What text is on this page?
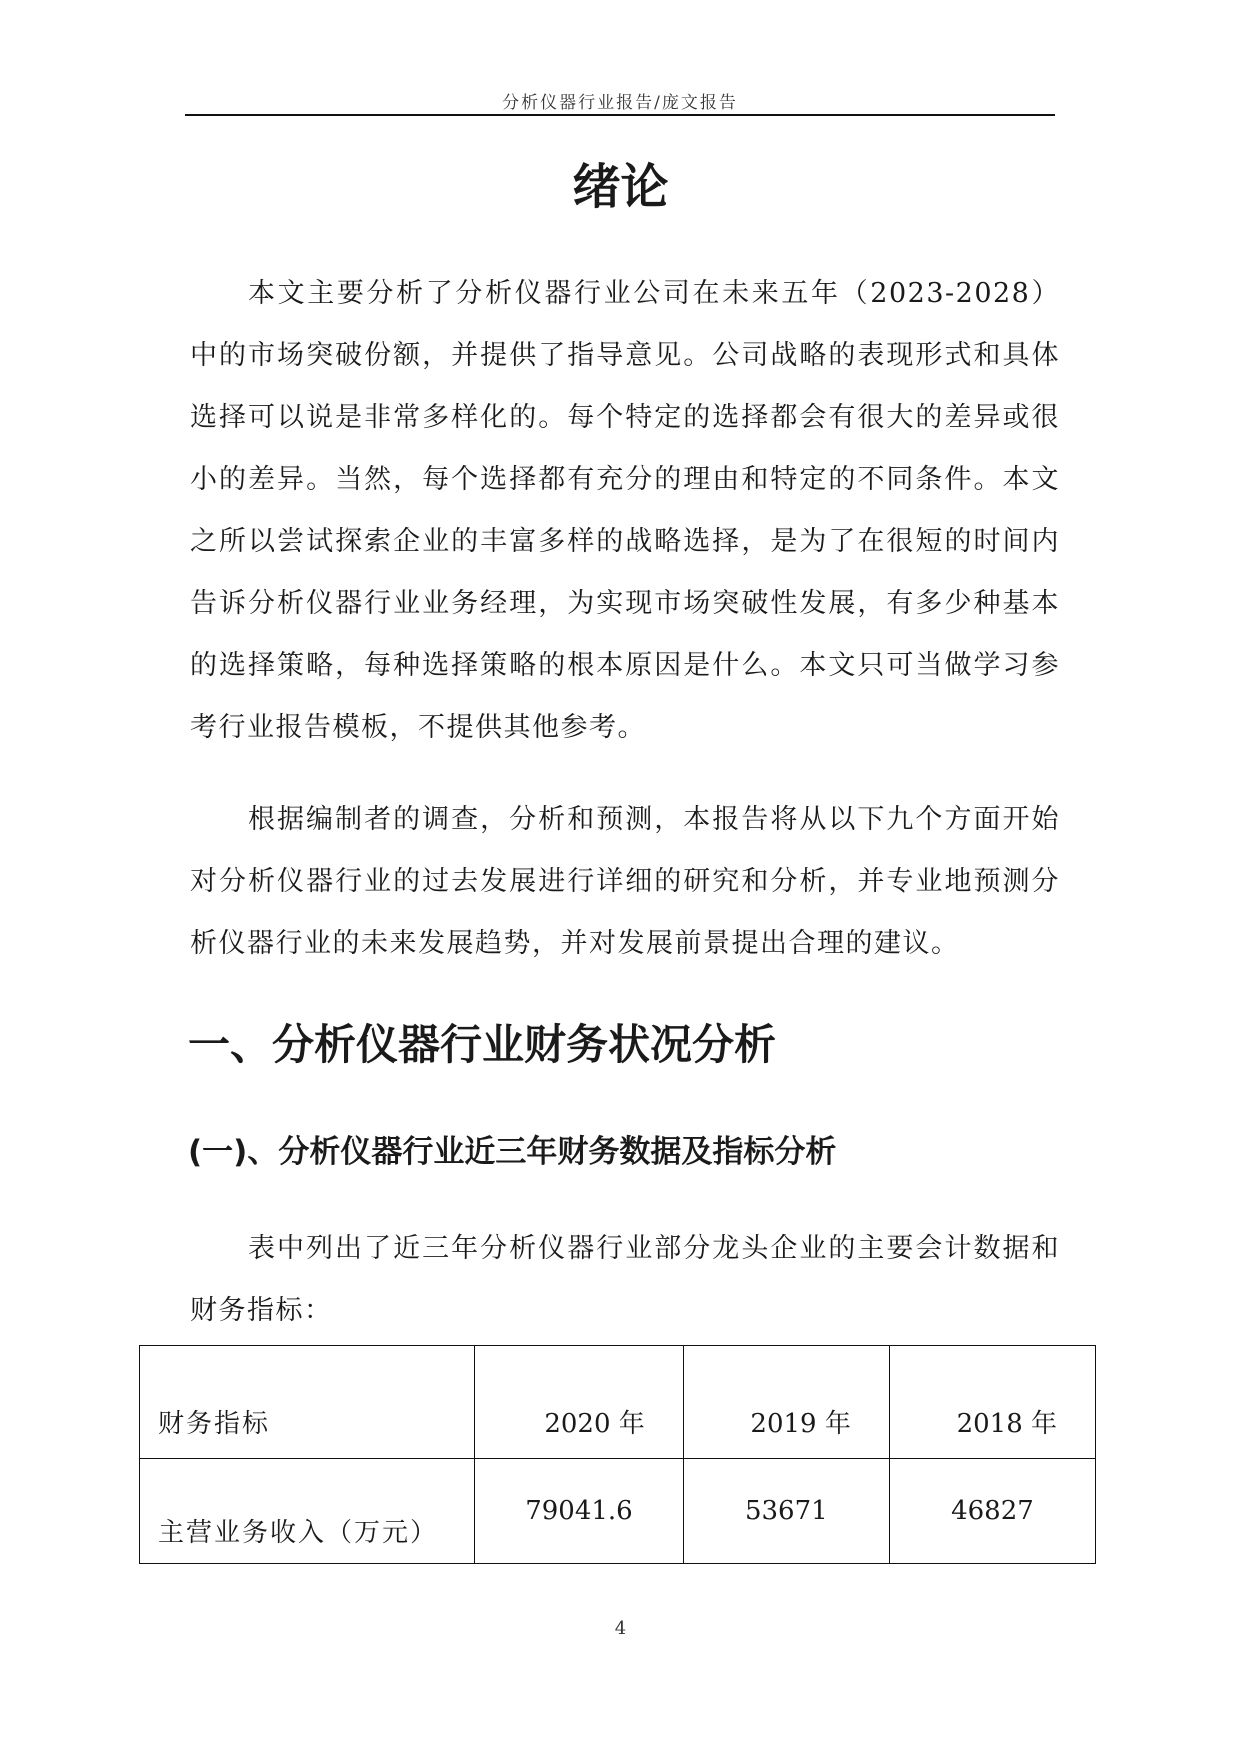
分析仪器行业报告/庞文报告
绪论

本文主要分析了分析仪器行业公司在未来五年（2023-2028）中的市场突破份额，并提供了指导意见。公司战略的表现形式和具体选择可以说是非常多样化的。每个特定的选择都会有很大的差异或很小的差异。当然，每个选择都有充分的理由和特定的不同条件。本文之所以尝试探索企业的丰富多样的战略选择，是为了在很短的时间内告诉分析仪器行业业务经理，为实现市场突破性发展，有多少种基本的选择策略，每种选择策略的根本原因是什么。本文只可当做学习参考行业报告模板，不提供其他参考。

根据编制者的调查，分析和预测，本报告将从以下九个方面开始对分析仪器行业的过去发展进行详细的研究和分析，并专业地预测分析仪器行业的未来发展趋势，并对发展前景提出合理的建议。

一、分析仪器行业财务状况分析
(一)、分析仪器行业近三年财务数据及指标分析

表中列出了近三年分析仪器行业部分龙头企业的主要会计数据和财务指标：

财务指标	2020 年	2019 年	2018 年
主营业务收入（万元）	79041.6	53671	46827
4
